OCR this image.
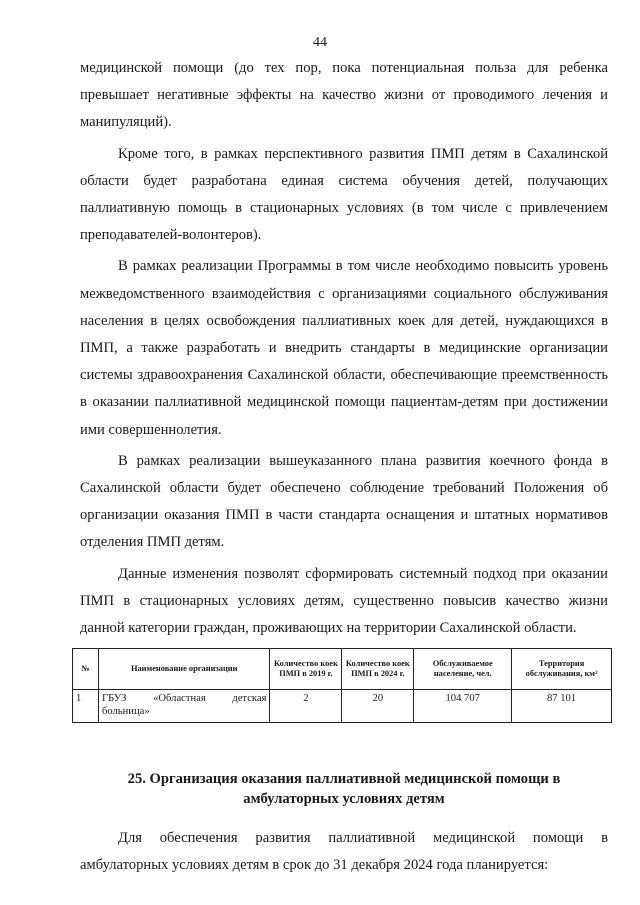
44

медицинской помощи (до тех пор, пока потенциальная польза для ребенка превышает негативные эффекты на качество жизни от проводимого лечения и манипуляций).

Кроме того, в рамках перспективного развития ПМП детям в Сахалинской области будет разработана единая система обучения детей, получающих паллиативную помощь в стационарных условиях (в том числе с привлечением преподавателей-волонтеров).

В рамках реализации Программы в том числе необходимо повысить уровень межведомственного взаимодействия с организациями социального обслуживания населения в целях освобождения паллиативных коек для детей, нуждающихся в ПМП, а также разработать и внедрить стандарты в медицинские организации системы здравоохранения Сахалинской области, обеспечивающие преемственность в оказании паллиативной медицинской помощи пациентам-детям при достижении ими совершеннолетия.

В рамках реализации вышеуказанного плана развития коечного фонда в Сахалинской области будет обеспечено соблюдение требований Положения об организации оказания ПМП в части стандарта оснащения и штатных нормативов отделения ПМП детям.

Данные изменения позволят сформировать системный подход при оказании ПМП в стационарных условиях детям, существенно повысив качество жизни данной категории граждан, проживающих на территории Сахалинской области.

№	Наименование организации	Количество коек ПМП в 2019 г.	Количество коек ПМП в 2024 г.	Обслуживаемое население, чел.	Территория обслуживания, км²
1	ГБУЗ «Областная детская больница»	2	20	104 707	87 101
25. Организация оказания паллиативной медицинской помощи в амбулаторных условиях детям

Для обеспечения развития паллиативной медицинской помощи в амбулаторных условиях детям в срок до 31 декабря 2024 года планируется:
